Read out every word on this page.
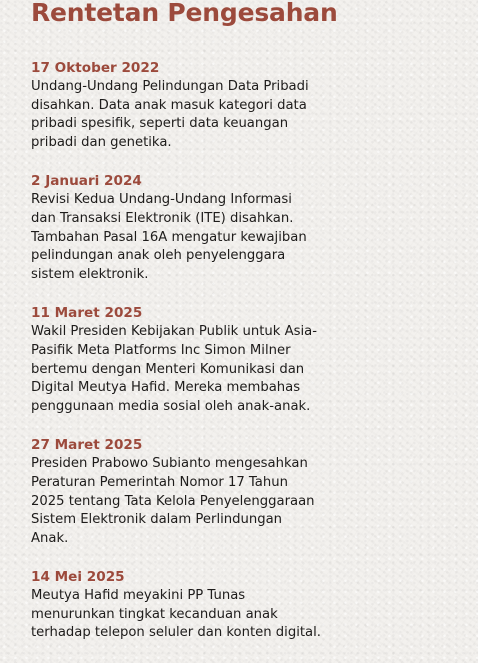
Rentetan Pengesahan
17 Oktober 2022
Undang-Undang Pelindungan Data Pribadi
disahkan. Data anak masuk kategori data
pribadi spesifik, seperti data keuangan
pribadi dan genetika.
2 Januari 2024
Revisi Kedua Undang-Undang Informasi
dan Transaksi Elektronik (ITE) disahkan.
Tambahan Pasal 16A mengatur kewajiban
pelindungan anak oleh penyelenggara
sistem elektronik.
11 Maret 2025
Wakil Presiden Kebijakan Publik untuk Asia-
Pasifik Meta Platforms Inc Simon Milner
bertemu dengan Menteri Komunikasi dan
Digital Meutya Hafid. Mereka membahas
penggunaan media sosial oleh anak-anak.
27 Maret 2025
Presiden Prabowo Subianto mengesahkan
Peraturan Pemerintah Nomor 17 Tahun
2025 tentang Tata Kelola Penyelenggaraan
Sistem Elektronik dalam Perlindungan
Anak.
14 Mei 2025
Meutya Hafid meyakini PP Tunas
menurunkan tingkat kecanduan anak
terhadap telepon seluler dan konten digital.
